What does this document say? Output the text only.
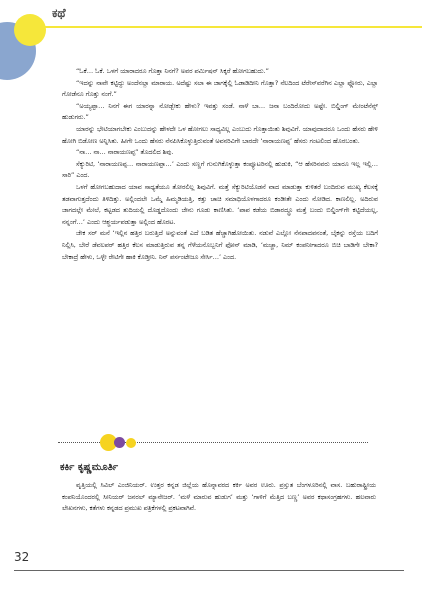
ಕಥೆ

“ಓಕೆ… ಓಕೆ. ಒಳಗೆ ಯಾರಾದರೂ ಗೊತ್ತಾ ನಿನಗೆ? ಅವರ ಪರ್ಮಿಷನ್ ಸಿಕ್ಕರೆ ಹೋಗಬಹುದು.”

“ಇದನ್ನು ನಾವೇ ಕಟ್ಟಿದ್ದು ಅಂದೆನಲ್ಲಾ ಮಾರಾಯ. ಅದೆಷ್ಟು ಸಲಾ ಈ ಜಾಗಕ್ಕೆಲ್ಲಿ ಓಡಾಡಿದೀನಿ ಗೊತ್ತಾ? ನೆಲದಿಂದ ಟೆರೇಸ್‌ವರೆಗಿನ ಎಲ್ಲಾ ಫ್ಲೋರು, ಎಲ್ಲಾ ಗೋಡೆನೂ ಗೊತ್ತು ನಂಗೆ.”

“ಅಯ್ಯಪ್ಪಾ… ನಿನಗೆ ಈಗ ಯಾರನ್ನಾ ನೋಡ್ಬೇಕು ಹೇಳು? ಇವತ್ತು ಸಂಡೆ. ನಾಳೆ ಬಾ… ಜನಾ ಬಂದಿರೋದು ಅಷ್ಟೇ. ಬಿಲ್ಡಿಂಗ್ ಮೇಂಟೆನೆನ್ಸ್ ಹುಡುಗರು.”

ಯಾರನ್ನು ಭೇಟಿಯಾಗಬೇಕು ಎಂಬುದನ್ನು ಹೇಳದೇ ಒಳ ಹೋಗಲು ಸಾಧ್ಯವಿಲ್ಲ ಎಂಬುದು ಗೊತ್ತಾಯಿತು ಶಿವುವಿಗೆ. ಯಾವುದಾದರೂ ಒಂದು ಹೆಸರು ಹೇಳಿ ಹೋಗಿ ಬಿಡೋಣ ಅನ್ನಿಸಿತು. ಹೀಗೇ ಒಂದು ಹೆಸರು ನೆನಪಿಸಿಕೊಳ್ಳುತ್ತಿರುವಂತೆ ಅವನರಿವಿಗೇ ಬಾರದೇ ‘ನಾರಾಯಣಪ್ಪ’ ಹೆಸರು ಗಂಟಲಿಂದ ಹೊರಬಂತು.

“ನಾ… ನಾ… ನಾರಾಯಣಪ್ಪ” ತೊದಲಿದ ಶಿವು.

ಸೆಕ್ಯುರಿಟಿ, ‘ನಾರಾಯಣಪ್ಪ… ನಾರಾಯಣಪ್ಪಾ…’ ಎಂದು ಸಣ್ಣಗೆ ಗುನುಗಿಕೊಳ್ಳುತ್ತಾ ಕಂಪ್ಯೂಟರಿನಲ್ಲಿ ಹುಡುಕಿ, “ಆ ಹೆಸರಿನವರು ಯಾರೂ ಇಲ್ಲ ಇಲ್ಲಿ… ಸಾರಿ” ಎಂದ.

ಒಳಗೆ ಹೋಗಬಹುದಾದ ಯಾವ ಸಾಧ್ಯತೆಯೂ ತೋರಲಿಲ್ಲ ಶಿವುವಿಗೆ. ಮತ್ತೆ ಸೆಕ್ಯುರಿಟಿಯೊಡನೆ ವಾದ ಮಾಡುತ್ತಾ ಕುಳಿತರೆ ಬಂದಿರುವ ಮುಖ್ಯ ಕೆಲಸಕ್ಕೆ ತಡವಾಗುತ್ತದೆಂದು ತಿಳಿದಿತ್ತು. ಅಲ್ಲಿಂದಲೇ ಒಮ್ಮೆ ಹಿಮ್ಮಡಿಯತ್ತಿ, ಕತ್ತು ಚಾಚಿ ಸಮಾಧಿಯೊಳಗಾದರೂ ಕಂಡೀತೇ ಎಂದು ನೋಡಿದ. ಕಾಣಲಿಲ್ಲ. ಅದಿರುವ ಜಾಗದಲ್ಲೇ ಮೇಲೆ, ಕಟ್ಟಡದ ತುದಿಯಲ್ಲಿ ದೊಡ್ಡದೊಂದು ಜೇನು ಗೂಡು ಕಾಣಿಸಿತು. ‘ಪಾಪ ಕಡೆಯ ಬಿಡಾರದ್ದ್ರೂ ಮತ್ತೆ ಬಂದು ಬಿಲ್ಡಿಂಗ್‌ಗೇ ಕಟ್ಟಿದೆಯಲ್ಲ, ನನ್ನಂಗೆ…’ ಎಂದು ಆಶ್ಚರ್ಯಪಡುತ್ತಾ ಅಲ್ಲಿಂದ ಹೊರಟ.

ಜೇಕ ಸರ್ ಮನೆ ‘ಇಲ್ಲಿನ ಹತ್ತಿರ ಬರುತ್ತಿದೆ ಅನ್ನುವಂತೆ ಎದೆ ಬಡಿತ ಹೆಚ್ಚಾಗಿಹೋಯಿತು. ನಡುವೆ ಎಲ್ಲೋ ನೆನಪಾದವನಂತೆ, ಬೈಕನ್ನು ರಸ್ತೆಯ ಬದಿಗೆ ನಿಲ್ಲಿಸಿ, ಬೇರೆ ಡೆವಲಪರ್ ಹತ್ತಿರ ಕೆಲಸ ಮಾಡುತ್ತಿರುವ ತನ್ನ ಗೆಳೆಯನೊಬ್ಬನಿಗೆ ಫೋನ್ ಮಾಡಿ, ‘ಮಚ್ಚಾ, ನಿಮ್ ಕಂಪನೀಗಾದರೂ ಬಿಚಿ ಬಾಡಿಗೇ ಬೇಕಾ? ಬೇಕಾದ್ರೆ ಹೇಳು, ಒಳ್ಳೇ ರೇಟಿಗೇ ಹಾಕಿ ಕೊಡ್ತೀನಿ. ನಿನ್ ಪರ್ಸಂಟೇಜೂ ಸೇರ್ಸಿ…’ ಎಂದ.

ಕರ್ಕಿ ಕೃಷ್ಣಮೂರ್ತಿ

ವೃತ್ತಿಯಲ್ಲಿ ಸಿವಿಲ್ ಎಂಜಿನಿಯರ್. ಉತ್ತರ ಕನ್ನಡ ಜಿಲ್ಲೆಯ ಹೊನ್ನಾವರದ ಕರ್ಕಿ ಅವರ ಊರು. ಪ್ರಸ್ತುತ ಬೆಂಗಳೂರಿನಲ್ಲಿ ವಾಸ. ಬಹುರಾಷ್ಟ್ರೀಯ ಕಂಪನಿಯೊಂದರಲ್ಲಿ ಸೀನಿಯರ್ ಜನರಲ್ ಮ್ಯಾನೇಜರ್. ‘ಮಳೆ ಮಾರುವ ಹುಡುಗ’ ಮತ್ತು ‘ಗಾಳಿಗೆ ಮೆತ್ತಿದ ಬಣ್ಣ’ ಅವರ ಕಥಾಸಂಗ್ರಹಗಳು. ಹಲವಾರು ಲೇಖನಗಳು, ಕತೆಗಳು ಕನ್ನಡದ ಪ್ರಮುಖ ಪತ್ರಿಕೆಗಳಲ್ಲಿ ಪ್ರಕಟವಾಗಿವೆ.

32
